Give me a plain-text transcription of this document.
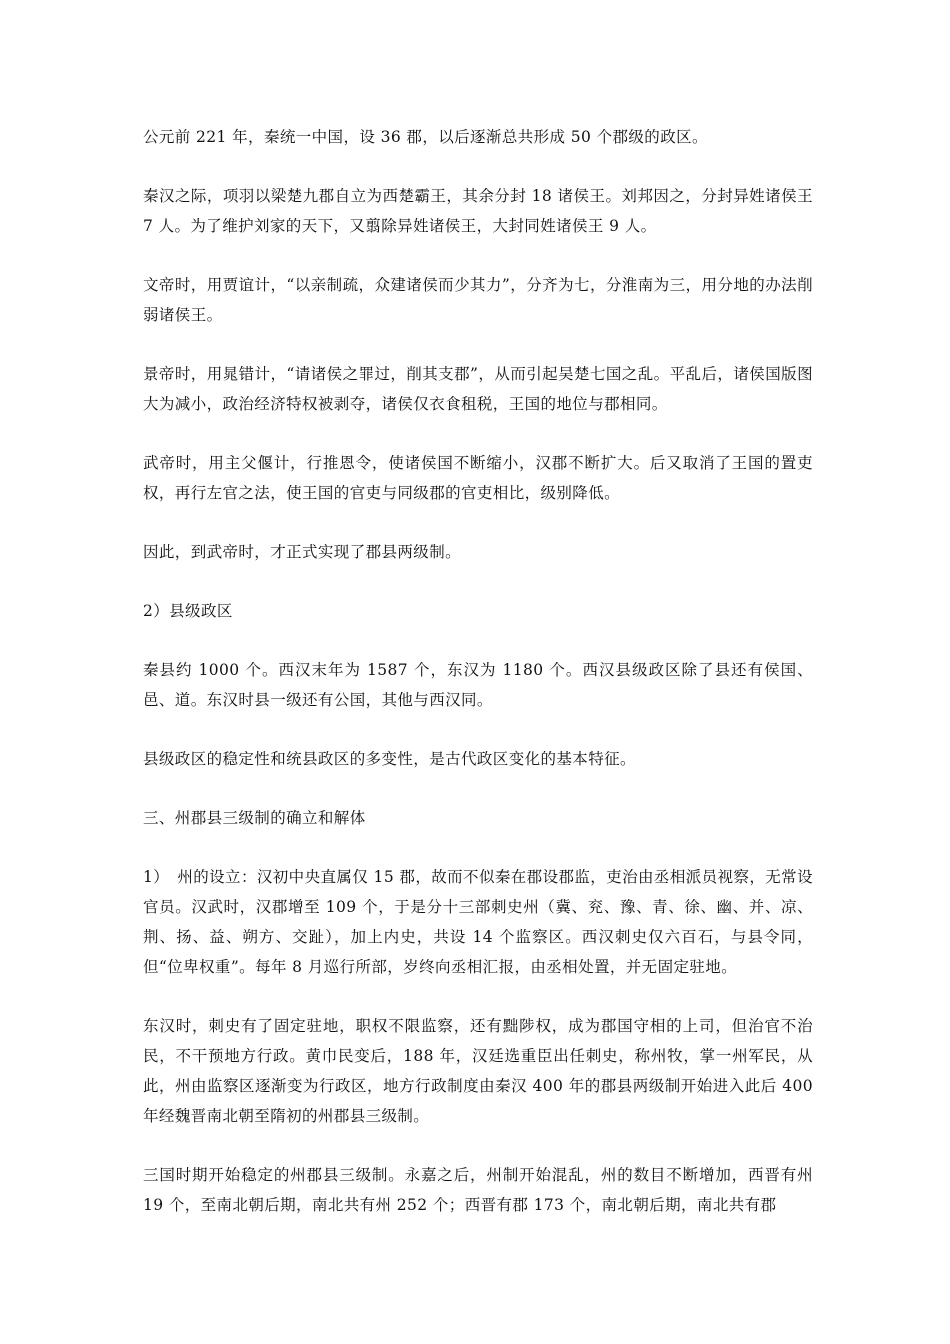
公元前 221 年，秦统一中国，设 36 郡，以后逐渐总共形成 50 个郡级的政区。

秦汉之际，项羽以梁楚九郡自立为西楚霸王，其余分封 18 诸侯王。刘邦因之，分封异姓诸侯王 7 人。为了维护刘家的天下，又翦除异姓诸侯王，大封同姓诸侯王 9 人。

文帝时，用贾谊计，“以亲制疏，众建诸侯而少其力”，分齐为七，分淮南为三，用分地的办法削弱诸侯王。

景帝时，用晁错计，“请诸侯之罪过，削其支郡”，从而引起吴楚七国之乱。平乱后，诸侯国版图大为减小，政治经济特权被剥夺，诸侯仅衣食租税，王国的地位与郡相同。

武帝时，用主父偃计，行推恩令，使诸侯国不断缩小，汉郡不断扩大。后又取消了王国的置吏权，再行左官之法，使王国的官吏与同级郡的官吏相比，级别降低。

因此，到武帝时，才正式实现了郡县两级制。

2）县级政区

秦县约 1000 个。西汉末年为 1587 个，东汉为 1180 个。西汉县级政区除了县还有侯国、邑、道。东汉时县一级还有公国，其他与西汉同。

县级政区的稳定性和统县政区的多变性，是古代政区变化的基本特征。

三、州郡县三级制的确立和解体

1）　州的设立：汉初中央直属仅 15 郡，故而不似秦在郡设郡监，吏治由丞相派员视察，无常设官员。汉武时，汉郡增至 109 个，于是分十三部刺史州（冀、兖、豫、青、徐、幽、并、凉、荆、扬、益、朔方、交趾），加上内史，共设 14 个监察区。西汉刺史仅六百石，与县令同，但“位卑权重”。每年 8 月巡行所部，岁终向丞相汇报，由丞相处置，并无固定驻地。

东汉时，刺史有了固定驻地，职权不限监察，还有黜陟权，成为郡国守相的上司，但治官不治民，不干预地方行政。黄巾民变后，188 年，汉廷选重臣出任刺史，称州牧，掌一州军民，从此，州由监察区逐渐变为行政区，地方行政制度由秦汉 400 年的郡县两级制开始进入此后 400 年经魏晋南北朝至隋初的州郡县三级制。

三国时期开始稳定的州郡县三级制。永嘉之后，州制开始混乱，州的数目不断增加，西晋有州 19 个，至南北朝后期，南北共有州 252 个；西晋有郡 173 个，南北朝后期，南北共有郡
